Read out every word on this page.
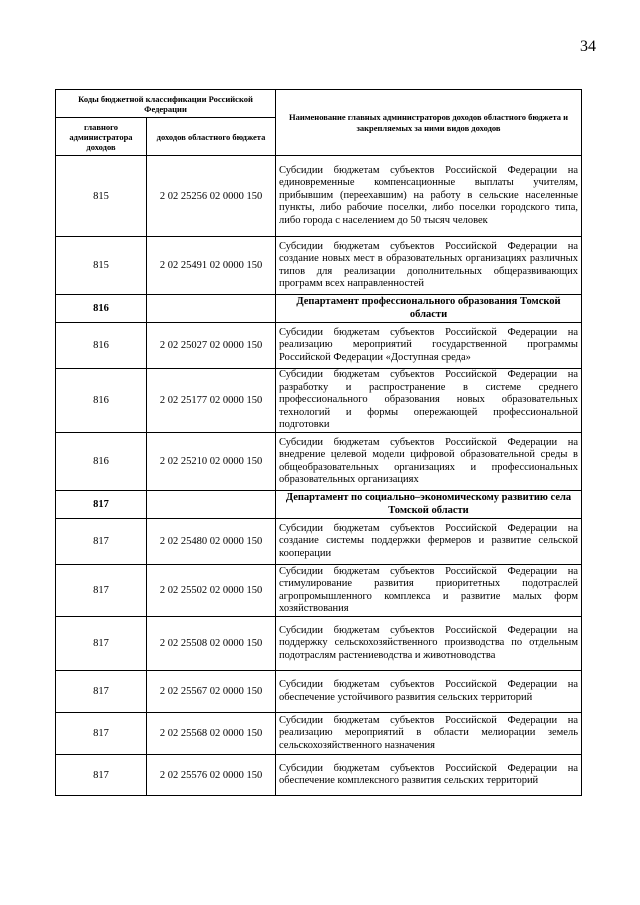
34
Коды бюджетной классификации Российской Федерации		Наименование главных администраторов доходов областного бюджета и закрепляемых за ними видов доходов
главного администратора доходов	доходов областного бюджета	
815	2 02 25256 02 0000 150	Субсидии бюджетам субъектов Российской Федерации на единовременные компенсационные выплаты учителям, прибывшим (переехавшим) на работу в сельские населенные пункты, либо рабочие поселки, либо поселки городского типа, либо города с населением до 50 тысяч человек
815	2 02 25491 02 0000 150	Субсидии бюджетам субъектов Российской Федерации на создание новых мест в образовательных организациях различных типов для реализации дополнительных общеразвивающих программ всех направленностей
816		Департамент профессионального образования Томской области
816	2 02 25027 02 0000 150	Субсидии бюджетам субъектов Российской Федерации на реализацию мероприятий государственной программы Российской Федерации «Доступная среда»
816	2 02 25177 02 0000 150	Субсидии бюджетам субъектов Российской Федерации на разработку и распространение в системе среднего профессионального образования новых образовательных технологий и формы опережающей профессиональной подготовки
816	2 02 25210 02 0000 150	Субсидии бюджетам субъектов Российской Федерации на внедрение целевой модели цифровой образовательной среды в общеобразовательных организациях и профессиональных образовательных организациях
817		Департамент по социально–экономическому развитию села Томской области
817	2 02 25480 02 0000 150	Субсидии бюджетам субъектов Российской Федерации на создание системы поддержки фермеров и развитие сельской кооперации
817	2 02 25502 02 0000 150	Субсидии бюджетам субъектов Российской Федерации на стимулирование развития приоритетных подотраслей агропромышленного комплекса и развитие малых форм хозяйствования
817	2 02 25508 02 0000 150	Субсидии бюджетам субъектов Российской Федерации на поддержку сельскохозяйственного производства по отдельным подотраслям растениеводства и животноводства
817	2 02 25567 02 0000 150	Субсидии бюджетам субъектов Российской Федерации на обеспечение устойчивого развития сельских территорий
817	2 02 25568 02 0000 150	Субсидии бюджетам субъектов Российской Федерации на реализацию мероприятий в области мелиорации земель сельскохозяйственного назначения
817	2 02 25576 02 0000 150	Субсидии бюджетам субъектов Российской Федерации на обеспечение комплексного развития сельских территорий
